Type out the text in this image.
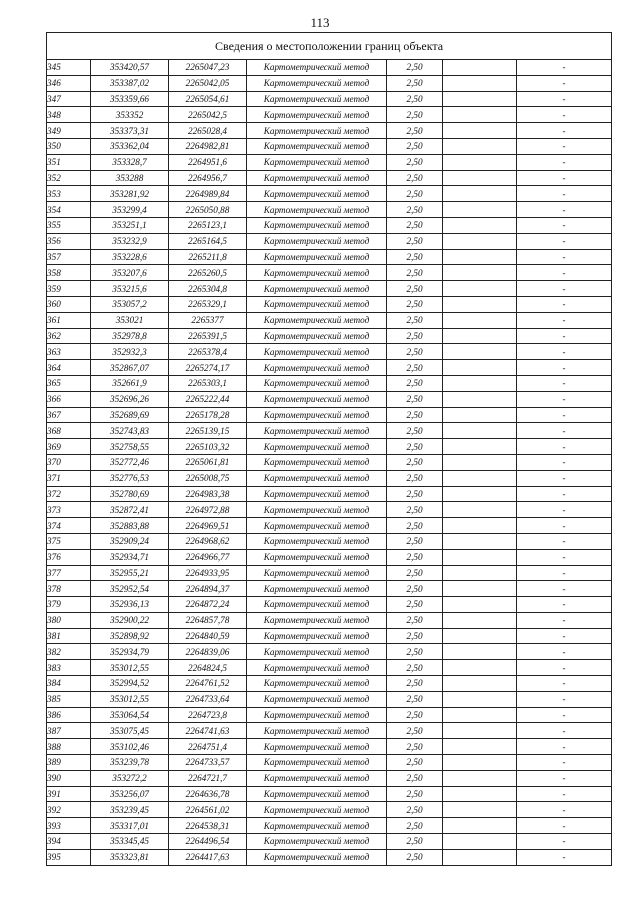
113
Сведения о местоположении границ объекта						
345	353420,57	2265047,23	Картометрический метод	2,50		-
346	353387,02	2265042,05	Картометрический метод	2,50		-
347	353359,66	2265054,61	Картометрический метод	2,50		-
348	353352	2265042,5	Картометрический метод	2,50		-
349	353373,31	2265028,4	Картометрический метод	2,50		-
350	353362,04	2264982,81	Картометрический метод	2,50		-
351	353328,7	2264951,6	Картометрический метод	2,50		-
352	353288	2264956,7	Картометрический метод	2,50		-
353	353281,92	2264989,84	Картометрический метод	2,50		-
354	353299,4	2265050,88	Картометрический метод	2,50		-
355	353251,1	2265123,1	Картометрический метод	2,50		-
356	353232,9	2265164,5	Картометрический метод	2,50		-
357	353228,6	2265211,8	Картометрический метод	2,50		-
358	353207,6	2265260,5	Картометрический метод	2,50		-
359	353215,6	2265304,8	Картометрический метод	2,50		-
360	353057,2	2265329,1	Картометрический метод	2,50		-
361	353021	2265377	Картометрический метод	2,50		-
362	352978,8	2265391,5	Картометрический метод	2,50		-
363	352932,3	2265378,4	Картометрический метод	2,50		-
364	352867,07	2265274,17	Картометрический метод	2,50		-
365	352661,9	2265303,1	Картометрический метод	2,50		-
366	352696,26	2265222,44	Картометрический метод	2,50		-
367	352689,69	2265178,28	Картометрический метод	2,50		-
368	352743,83	2265139,15	Картометрический метод	2,50		-
369	352758,55	2265103,32	Картометрический метод	2,50		-
370	352772,46	2265061,81	Картометрический метод	2,50		-
371	352776,53	2265008,75	Картометрический метод	2,50		-
372	352780,69	2264983,38	Картометрический метод	2,50		-
373	352872,41	2264972,88	Картометрический метод	2,50		-
374	352883,88	2264969,51	Картометрический метод	2,50		-
375	352909,24	2264968,62	Картометрический метод	2,50		-
376	352934,71	2264966,77	Картометрический метод	2,50		-
377	352955,21	2264933,95	Картометрический метод	2,50		-
378	352952,54	2264894,37	Картометрический метод	2,50		-
379	352936,13	2264872,24	Картометрический метод	2,50		-
380	352900,22	2264857,78	Картометрический метод	2,50		-
381	352898,92	2264840,59	Картометрический метод	2,50		-
382	352934,79	2264839,06	Картометрический метод	2,50		-
383	353012,55	2264824,5	Картометрический метод	2,50		-
384	352994,52	2264761,52	Картометрический метод	2,50		-
385	353012,55	2264733,64	Картометрический метод	2,50		-
386	353064,54	2264723,8	Картометрический метод	2,50		-
387	353075,45	2264741,63	Картометрический метод	2,50		-
388	353102,46	2264751,4	Картометрический метод	2,50		-
389	353239,78	2264733,57	Картометрический метод	2,50		-
390	353272,2	2264721,7	Картометрический метод	2,50		-
391	353256,07	2264636,78	Картометрический метод	2,50		-
392	353239,45	2264561,02	Картометрический метод	2,50		-
393	353317,01	2264538,31	Картометрический метод	2,50		-
394	353345,45	2264496,54	Картометрический метод	2,50		-
395	353323,81	2264417,63	Картометрический метод	2,50		-
